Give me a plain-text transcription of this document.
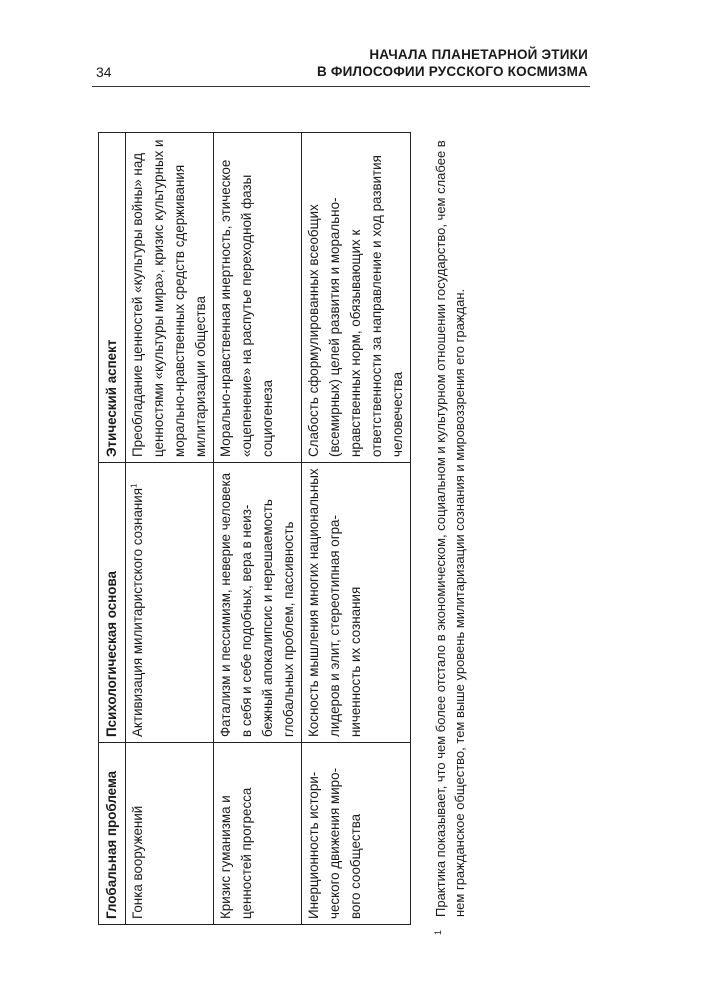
34
НАЧАЛА ПЛАНЕТАРНОЙ ЭТИКИ
В ФИЛОСОФИИ РУССКОГО КОСМИЗМА
Глобальная проблема	Психологическая основа	Этический аспект
Гонка вооружений	Активизация милитаристского сознания$^1$	Преобладание ценностей «культуры войны» над ценностями «культуры мира», кризис культурных и морально-нравственных средств сдерживания милитаризации общества
Кризис гуманизма и ценностей прогресса	Фатализм и пессимизм, неверие человека в себя и себе подобных, вера в неизбежный апокалипсис и нерешаемость глобальных проблем, пассивность	Морально-нравственная инертность, этическое «оцепенение» на распутье переходной фазы социогенеза
Инерционность исторического движения мирового сообщества	Косность мышления многих национальных лидеров и элит, стереотипная ограниченность их сознания	Слабость сформулированных всеобщих (всемирных) целей развития и морально-нравственных норм, обязывающих к ответственности за направление и ход развития человечества
1
Практика показывает, что чем более отстало в экономическом, социальном и культурном отношении государство, чем слабее в нем гражданское общество, тем выше уровень милитаризации сознания и мировоззрения его граждан.
